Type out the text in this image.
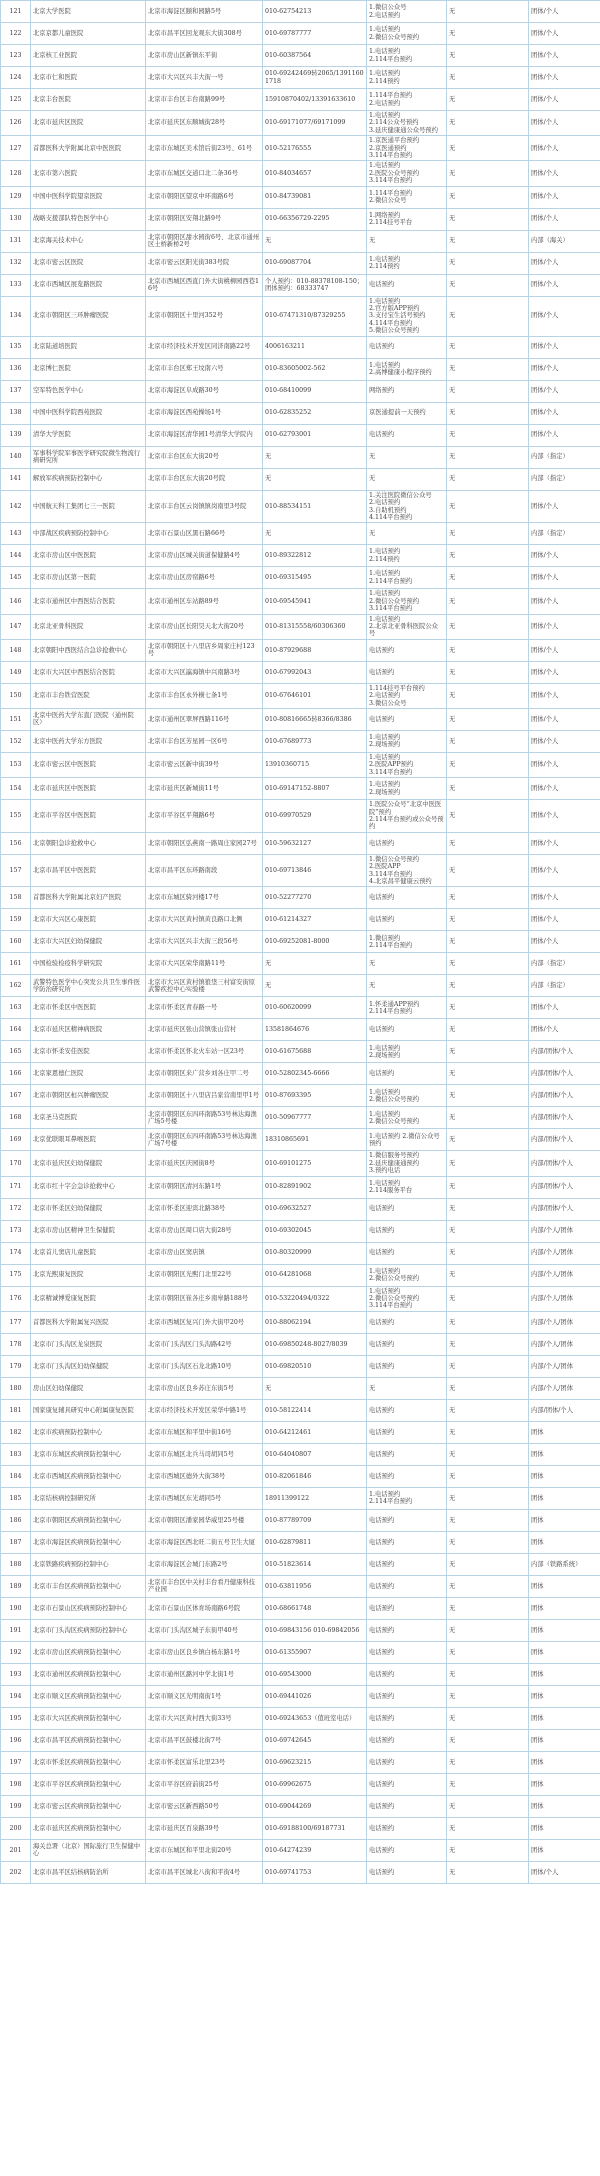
121	北京大学医院	北京市海淀区颐和园路5号	010-62754213	1.微信公众号
2.电话预约	无	团体/个人
122	北京京都儿童医院	北京市昌平区回龙观东大街308号	010-69787777	1.电话预约
2.微信公众号预约	无	团体/个人
123	北京核工业医院	北京市房山区新镇东平街	010-60387564	1.电话预约
2.114平台预约	无	团体/个人
124	北京市仁和医院	北京市大兴区兴丰大街一号	010-69242469转2065/13911601718	1.电话预约
2.114预约	无	团体/个人
125	北京丰台医院	北京市丰台区丰台南路99号	15910870402/13391633610	1.114平台预约
2.电话预约	无	团体/个人
126	北京市延庆区医院	北京市延庆区东顺城街28号	010-69171077/69171099	1.电话预约
2.114公众号预约
3.延庆健康通公众号预约	无	团体/个人
127	首都医科大学附属北京中医医院	北京市东城区美术馆后街23号、61号	010-52176555	1.京医通平台预约
2.京医通预约
3.114平台预约	无	团体/个人
128	北京市第六医院	北京市东城区交道口北二条36号	010-84034657	1.电话预约
2.医院公众号预约
3.114平台预约	无	团体/个人
129	中国中医科学院望京医院	北京市朝阳区望京中环南路6号	010-84739081	1.114平台预约
2.微信公众号	无	团体/个人
130	战略支援部队特色医学中心	北京市朝阳区安翔北路9号	010-66356729-2295	1.网络预约
2.114挂号平台	无	团体/个人
131	北京海关技术中心	北京市朝阳区甜水园街6号、北京市通州区土桥新桥2号	无	无	无	内部（海关）
132	北京市密云区医院	北京市密云区阳光街383号院	010-69087704	1.电话预约
2.114预约	无	团体/个人
133	北京市西城区展览路医院	北京市西城区西直门外大街桃柳园西巷16号	个人预约：010-88378108-150；团体预约：68333747	电话预约	无	团体/个人
134	北京市朝阳区三环肿瘤医院	北京市朝阳区十里河352号	010-67471310/87329255	1.电话预约
2.官方版APP预约
3.支付宝生活号预约
4.114平台预约
5.微信公众号预约	无	团体/个人
135	北京陆道培医院	北京市经济技术开发区同济南路22号	4006163211	电话预约	无	团体/个人
136	北京博仁医院	北京市丰台区郑王坟南六号	010-83605002-562	1.电话预约
2.高博健康小程序预约	无	团体/个人
137	空军特色医学中心	北京市海淀区阜成路30号	010-68410099	网络预约	无	团体/个人
138	中国中医科学院西苑医院	北京市海淀区西苑操场1号	010-62835252	京医通提前一天预约	无	团体/个人
139	清华大学医院	北京市海淀区清华园1号清华大学院内	010-62793001	电话预约	无	团体/个人
140	军事科学院军事医学研究院微生物流行病研究所	北京市丰台区东大街20号	无	无	无	内部（指定）
141	解放军疾病预防控制中心	北京市丰台区东大街20号院	无	无	无	内部（指定）
142	中国航天科工集团七三一医院	北京市丰台区云岗镇镇岗南里3号院	010-88534151	1.关注医院微信公众号
2.电话预约
3.自助机预约
4.114平台预约	无	团体/个人
143	中部战区疾病预防控制中心	北京市石景山区黑石路66号	无	无	无	内部（指定）
144	北京市房山区中医医院	北京市房山区城关街道保健路4号	010-89322812	1.电话预约
2.114预约	无	团体/个人
145	北京市房山区第一医院	北京市房山区房窑路6号	010-69315495	1.电话预约
2.114平台预约	无	团体/个人
146	北京市通州区中西医结合医院	北京市通州区车站路89号	010-69545941	1.电话预约
2.微信公众号预约
3.114平台预约	无	团体/个人
147	北京北亚骨科医院	北京市房山区长阳昊天北大街20号	010-81315558/60306360	1.电话预约
2.北京北亚骨科医院公众号	无	团体/个人
148	北京朝阳中西医结合急诊抢救中心	北京市朝阳区十八里店乡周家庄村123号	010-87929688	电话预约	无	团体/个人
149	北京市大兴区中西医结合医院	北京市大兴区瀛海镇中兴南路3号	010-67992043	电话预约	无	团体/个人
150	北京市丰台铁营医院	北京市丰台区永外横七条1号	010-67646101	1.114挂号平台预约
2.电话预约
3.微信公众号	无	团体/个人
151	北京中医药大学东直门医院（通州院区）	北京市通州区翠屏西路116号	010-80816665转8366/8386	电话预约	无	团体/个人
152	北京中医药大学东方医院	北京市丰台区芳星园一区6号	010-67689773	1.电话预约
2.现场预约	无	团体/个人
153	北京市密云区中医医院	北京市密云区新中街39号	13910360715	1.电话预约
2.医院APP预约
3.114平台预约	无	团体/个人
154	北京市延庆区中医医院	北京市延庆区新城街11号	010-69147152-8807	1.电话预约
2.现场预约	无	团体/个人
155	北京市平谷区中医医院	北京市平谷区平翔路6号	010-69970529	1.医院公众号“北京中医医院”预约
2.114平台预约或公众号预约	无	团体/个人
156	北京朝阳急诊抢救中心	北京市朝阳区弘燕南一路周庄家园27号	010-59632127	电话预约	无	团体/个人
157	北京市昌平区中医医院	北京市昌平区东环路南段	010-69713846	1.微信公众号预约
2.医院APP
3.114平台预约
4.北京昌平健康云预约	无	团体/个人
158	首都医科大学附属北京妇产医院	北京市东城区骑河楼17号	010-52277270	电话预约	无	团体/个人
159	北京市大兴区心康医院	北京市大兴区黄村镇黄良路口北侧	010-61214327	电话预约	无	团体/个人
160	北京市大兴区妇幼保健院	北京市大兴区兴丰大街三段56号	010-69252081-8000	1.微信预约
2.114平台预约	无	团体/个人
161	中国检验检疫科学研究院	北京市大兴区荣华南路11号	无	无	无	内部（指定）
162	武警特色医学中心突发公共卫生事件医学防治研究所	北京市大兴区黄村镇狼垡三村富安街原武警疾控中心实验楼	无	无	无	内部（指定）
163	北京市怀柔区中医医院	北京市怀柔区青春路一号	010-60620099	1.怀柔通APP预约
2.114平台预约	无	团体/个人
164	北京市延庆区精神病医院	北京市延庆区张山营镇张山营村	13581864676	电话预约	无	团体/个人
165	北京市怀柔安佳医院	北京市怀柔区怀北火车站一区23号	010-61675688	1.电话预约
2.现场预约	无	内部/团体/个人
166	北京家恩德仁医院	北京市朝阳区来广营乡刘各庄甲二号	010-52802345-6666	电话预约	无	内部/团体/个人
167	北京市朝阳区桓兴肿瘤医院	北京市朝阳区十八里店吕家营南里甲1号	010-87693395	1.电话预约
2.微信公众号预约	无	内部/团体/个人
168	北京圣马克医院	北京市朝阳区东四环南路53号林达海渔广场5号楼	010-50967777	1.电话预约
2.微信公众号预约	无	内部/团体/个人
169	北京优联眼耳鼻喉医院	北京市朝阳区东四环南路53号林达海渔广场7号楼	18310865691	1.电话预约 2.微信公众号预约	无	内部/团体/个人
170	北京市延庆区妇幼保健院	北京市延庆区庆园街8号	010-69101275	1.微信服务号预约
2.延庆健康通预约
3.预约电话	无	内部/团体/个人
171	北京市红十字会急诊抢救中心	北京市朝阳区清河东路1号	010-82891902	1.电话预约
2.114服务平台	无	内部/团体/个人
172	北京市怀柔区妇幼保健院	北京市怀柔区迎宾北路38号	010-69632527	电话预约	无	内部/团体/个人
173	北京市房山区精神卫生保健院	北京市房山区周口店大街28号	010-69302045	电话预约	无	内部/个人/团体
174	北京首儿窦店儿童医院	北京市房山区窦店镇	010-80320999	电话预约	无	内部/个人/团体
175	北京光熙康复医院	北京市朝阳区光熙门北里22号	010-64281068	1.电话预约
2.微信公众号预约	无	内部/个人/团体
176	北京精诚博爱康复医院	北京市朝阳区崔各庄乡南皋路188号	010-53220494/0322	1.电话预约
2.微信公众号预约
3.114平台预约	无	内部/个人/团体
177	首都医科大学附属复兴医院	北京市西城区复兴门外大街甲20号	010-88062194	电话预约	无	内部/个人/团体
178	北京市门头沟区龙泉医院	北京市门头沟区门头沟路42号	010-69850248-8027/8039	电话预约	无	内部/个人/团体
179	北京市门头沟区妇幼保健院	北京市门头沟区石龙北路10号	010-69820510	电话预约	无	内部/个人/团体
180	房山区妇幼保健院	北京市房山区良乡苏庄东街5号	无	无	无	内部/个人/团体
181	国家康复辅具研究中心附属康复医院	北京市经济技术开发区荣华中路1号	010-58122414	电话预约	无	内部/团体/个人
182	北京市疾病预防控制中心	北京市东城区和平里中街16号	010-64212461	电话预约	无	团体
183	北京市东城区疾病预防控制中心	北京市东城区北兵马司胡同5号	010-64040807	电话预约	无	团体
184	北京市西城区疾病预防控制中心	北京市西城区德外大街38号	010-82061846	电话预约	无	团体
185	北京结核病控制研究所	北京市西城区东光胡同5号	18911399122	1.电话预约
2.114平台预约	无	团体
186	北京市朝阳区疾病预防控制中心	北京市朝阳区潘家园华威里25号楼	010-87789709	电话预约	无	团体
187	北京市海淀区疾病预防控制中心	北京市海淀区西北旺二街五号卫生大厦	010-62879811	电话预约	无	团体
188	北京铁路疾病预防控制中心	北京市海淀区会城门东路2号	010-51823614	电话预约	无	内部（铁路系统）
189	北京市丰台区疾病预防控制中心	北京市丰台区中关村丰台看丹健康科技产业园	010-63811956	电话预约	无	团体
190	北京市石景山区疾病预防控制中心	北京市石景山区体育场南路6号院	010-68661748	电话预约	无	团体
191	北京市门头沟区疾病预防控制中心	北京市门头沟区城子东街甲40号	010-69843156 010-69842056	电话预约	无	团体
192	北京市房山区疾病预防控制中心	北京市房山区良乡镇白杨东路1号	010-61355907	电话预约	无	团体
193	北京市通州区疾病预防控制中心	北京市通州区潞河中学北街1号	010-69543000	电话预约	无	团体
194	北京市顺义区疾病预防控制中心	北京市顺义区光明南街1号	010-69441026	电话预约	无	团体
195	北京市大兴区疾病预防控制中心	北京市大兴区黄村西大街33号	010-69243653（值班室电话）	电话预约	无	团体
196	北京市昌平区疾病预防控制中心	北京市昌平区鼓楼北街7号	010-69742645	电话预约	无	团体
197	北京市怀柔区疾病预防控制中心	北京市怀柔区富乐北里23号	010-69623215	电话预约	无	团体
198	北京市平谷区疾病预防控制中心	北京市平谷区府前街25号	010-69962675	电话预约	无	团体
199	北京市密云区疾病预防控制中心	北京市密云区新西路50号	010-69044269	电话预约	无	团体
200	北京市延庆区疾病预防控制中心	北京市延庆区百泉路39号	010-69188100/69187731	电话预约	无	团体
201	海关总署（北京）国际旅行卫生保健中心	北京市东城区和平里北街20号	010-64274239	电话预约	无	团体
202	北京市昌平区结核病防治所	北京市昌平区城北八街和平街4号	010-69741753	电话预约	无	团体/个人
